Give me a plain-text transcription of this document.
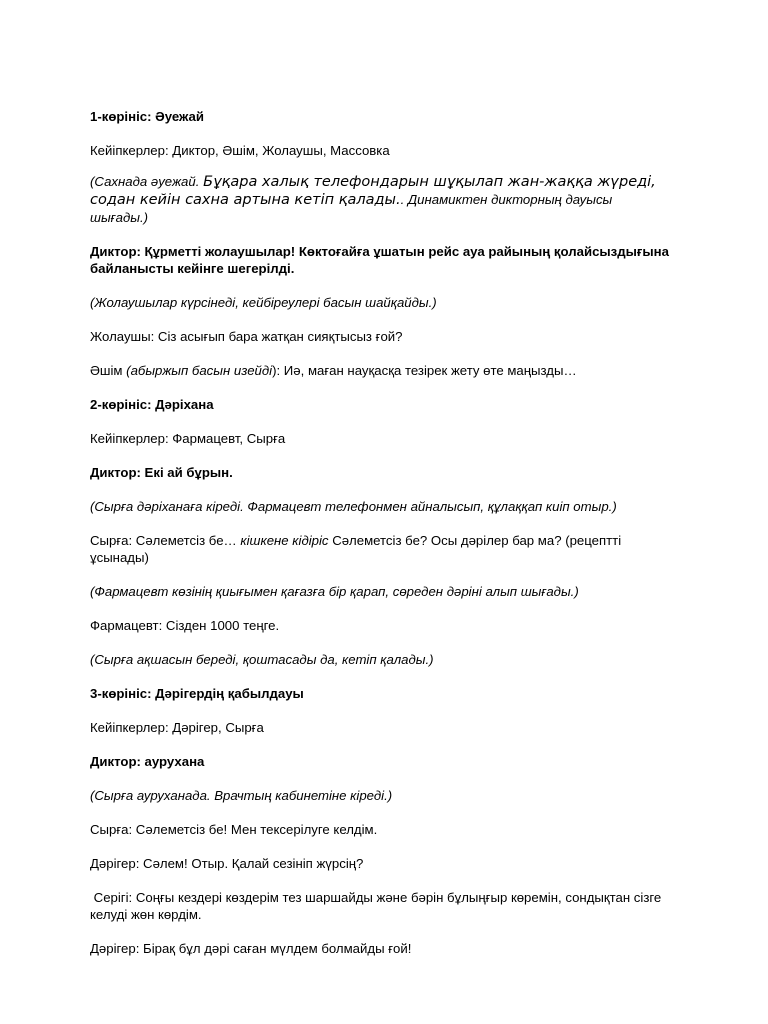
1-көрініс: Әуежай

Кейіпкерлер: Диктор, Әшім, Жолаушы, Массовка

(Сахнада әуежай. Бұқара халық телефондарын шұқылап жан-жаққа жүреді, содан кейін сахна артына кетіп қалады.. Динамиктен дикторның дауысы шығады.)

Диктор: Құрметті жолаушылар! Көктоғайға ұшатын рейс ауа райының қолайсыздығына байланысты кейінге шегерілді.

(Жолаушылар күрсінеді, кейбіреулері басын шайқайды.)

Жолаушы: Сіз асығып бара жатқан сияқтысыз ғой?

Әшім (абыржып басын изейді): Иә, маған науқасқа тезірек жету өте маңызды…

2-көрініс: Дәріхана

Кейіпкерлер: Фармацевт, Сырға

Диктор: Екі ай бұрын.

(Сырға дәріханаға кіреді. Фармацевт телефонмен айналысып, құлаққап киіп отыр.)

Сырға: Сәлеметсіз бе… кішкене кідіріс Сәлеметсіз бе? Осы дәрілер бар ма? (рецептті ұсынады)

(Фармацевт көзінің қиығымен қағазға бір қарап, сөреден дәріні алып шығады.)

Фармацевт: Сізден 1000 теңге.

(Сырға ақшасын береді, қоштасады да, кетіп қалады.)

3-көрініс: Дәрігердің қабылдауы

Кейіпкерлер: Дәрігер, Сырға

Диктор: аурухана

(Сырға ауруханада. Врачтың кабинетіне кіреді.)

Сырға: Сәлеметсіз бе! Мен тексерілуге келдім.

Дәрігер: Сәлем! Отыр. Қалай сезініп жүрсің?

Серігі: Соңғы кездері көздерім тез шаршайды және бәрін бұлыңғыр көремін, сондықтан сізге келуді жөн көрдім.

Дәрігер: Бірақ бұл дәрі саған мүлдем болмайды ғой!
